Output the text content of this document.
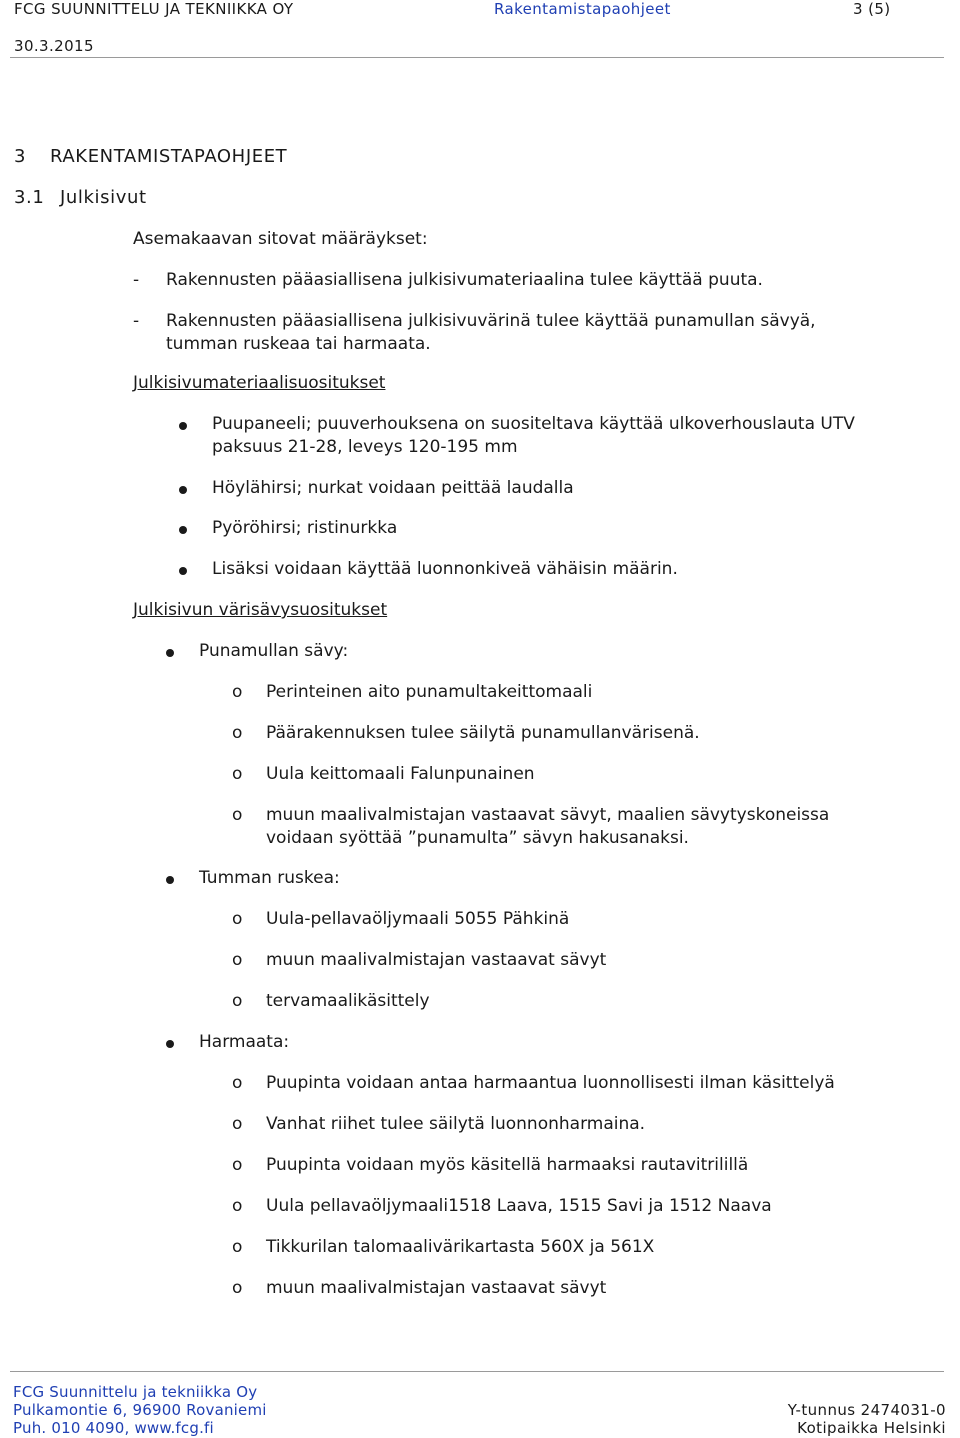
FCG SUUNNITTELU JA TEKNIIKKA OY	Rakentamistapaohjeet	3 (5)
30.3.2015
3 RAKENTAMISTAPAOHJEET
3.1 Julkisivut
Asemakaavan sitovat määräykset:
- Rakennusten pääasiallisena julkisivumateriaalina tulee käyttää puuta.
- Rakennusten pääasiallisena julkisivuvärinä tulee käyttää punamullan sävyä,
tumman ruskeaa tai harmaata.
Julkisivumateriaalisuositukset
Puupaneeli; puuverhouksena on suositeltava käyttää ulkoverhouslauta UTV
paksuus 21-28, leveys 120-195 mm
Höylähirsi; nurkat voidaan peittää laudalla
Pyöröhirsi; ristinurkka
Lisäksi voidaan käyttää luonnonkiveä vähäisin määrin.
Julkisivun värisävysuositukset
Punamullan sävy:
o Perinteinen aito punamultakeittomaali
o Päärakennuksen tulee säilytä punamullanvärisenä.
o Uula keittomaali Falunpunainen
o muun maalivalmistajan vastaavat sävyt, maalien sävytyskoneissa
voidaan syöttää ”punamulta” sävyn hakusanaksi.
Tumman ruskea:
o Uula-pellavaöljymaali 5055 Pähkinä
o muun maalivalmistajan vastaavat sävyt
o tervamaalikäsittely
Harmaata:
o Puupinta voidaan antaa harmaantua luonnollisesti ilman käsittelyä
o Vanhat riihet tulee säilytä luonnonharmaina.
o Puupinta voidaan myös käsitellä harmaaksi rautavitrilillä
o Uula pellavaöljymaali1518 Laava, 1515 Savi ja 1512 Naava
o Tikkurilan talomaalivärikartasta 560X ja 561X
o muun maalivalmistajan vastaavat sävyt
FCG Suunnittelu ja tekniikka Oy
Pulkamontie 6, 96900 Rovaniemi
Puh. 010 4090, www.fcg.fi
Y-tunnus 2474031-0
Kotipaikka Helsinki
